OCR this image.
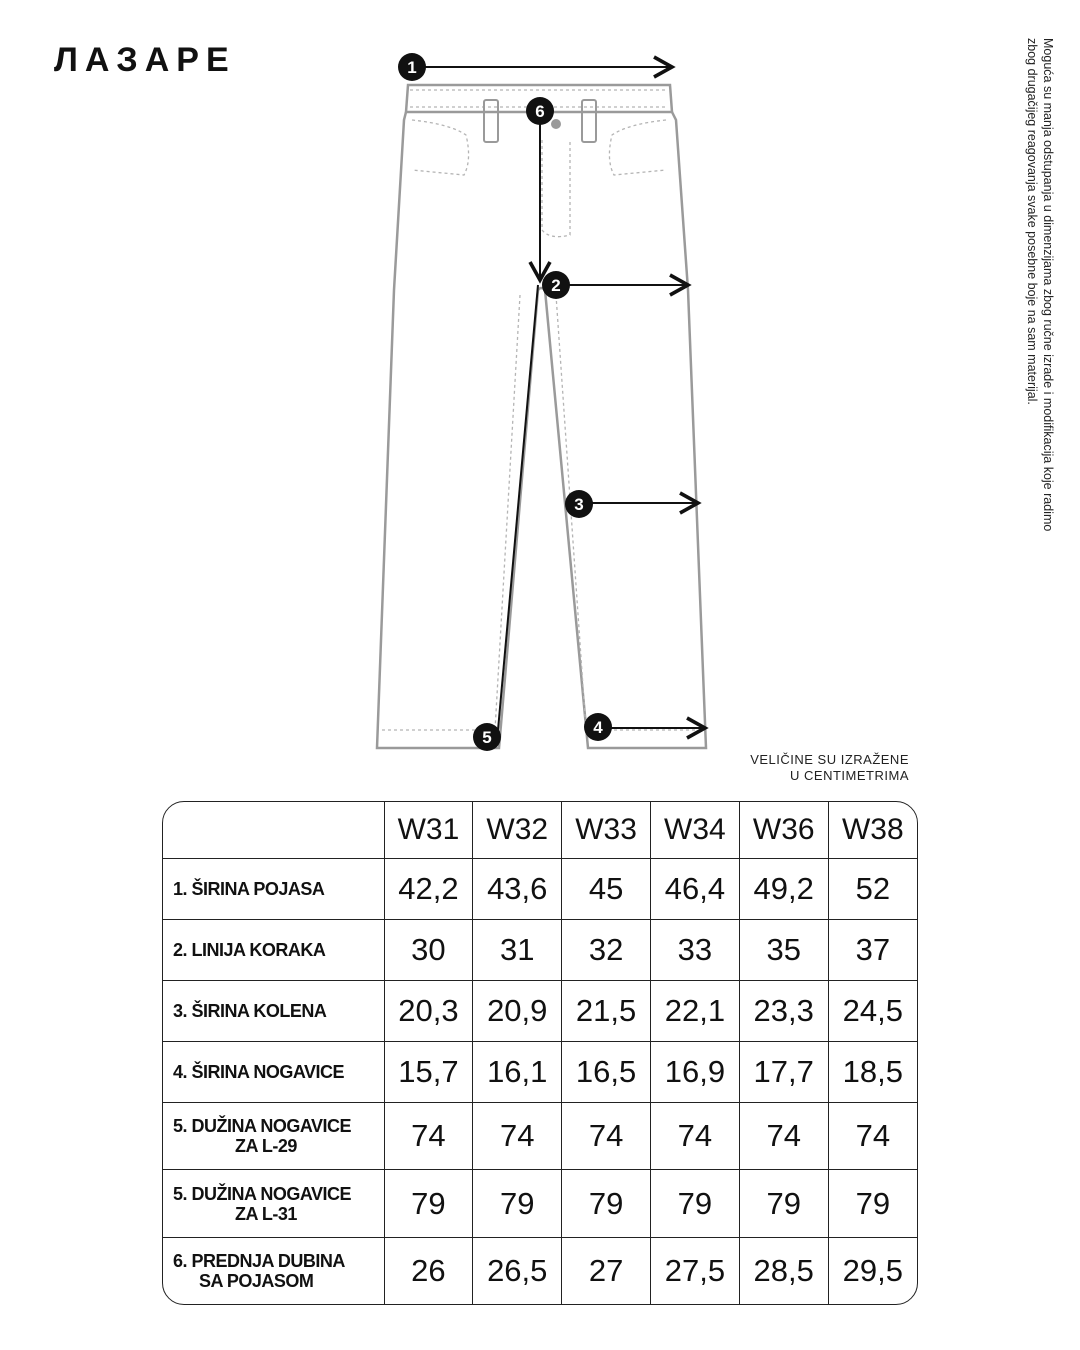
ЛАЗАРЕ	Moguća su manja odstupanja u dimenzijama zbog ručne izrade i modifikacija koje radimo zbog drugačijeg reagovanja svake posebne boje na sam materijal.
1
6
2
3
4
5
VELIČINE SU IZRAŽENE
U CENTIMETRIMA
	W31	W32	W33	W34	W36	W38
1. ŠIRINA POJASA	42,2	43,6	45	46,4	49,2	52
2. LINIJA KORAKA	30	31	32	33	35	37
3. ŠIRINA KOLENA	20,3	20,9	21,5	22,1	23,3	24,5
4. ŠIRINA NOGAVICE	15,7	16,1	16,5	16,9	17,7	18,5
5. DUŽINA NOGAVICE
ZA L-29	74	74	74	74	74	74
5. DUŽINA NOGAVICE
ZA L-31	79	79	79	79	79	79
6. PREDNJA DUBINA
SA POJASOM	26	26,5	27	27,5	28,5	29,5
